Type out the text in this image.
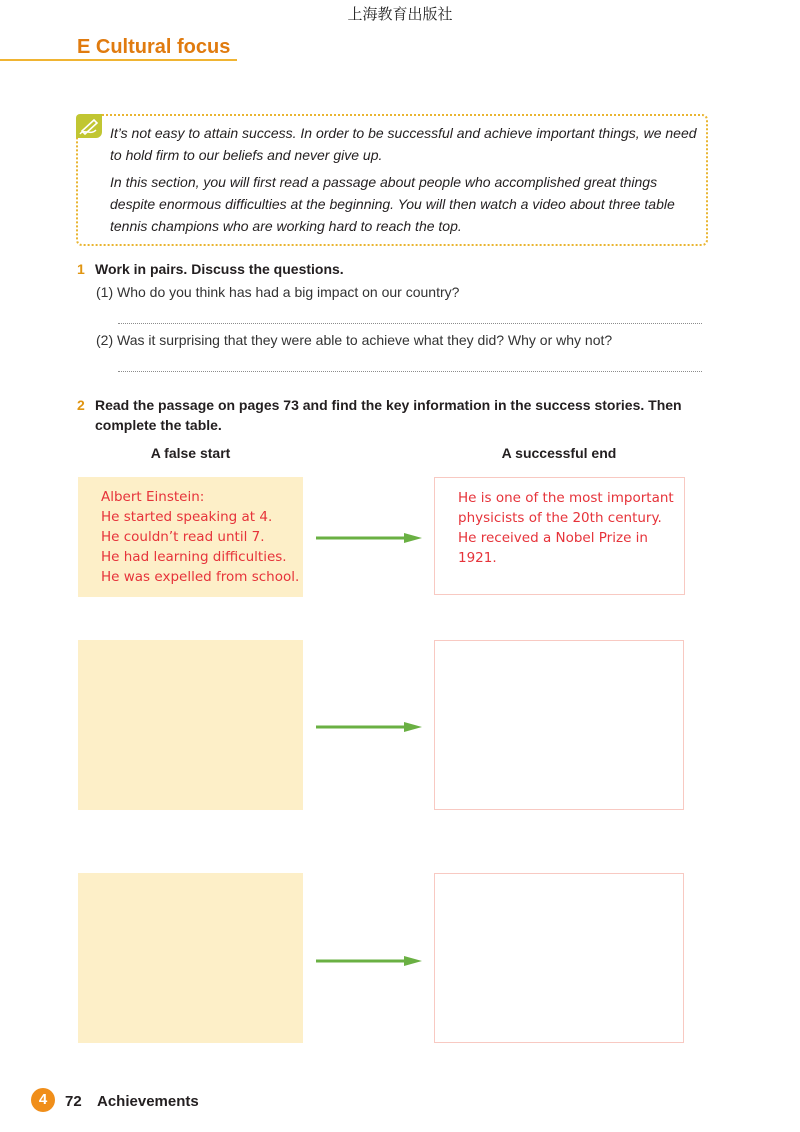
上海教育出版社
E Cultural focus
It’s not easy to attain success. In order to be successful and achieve important things, we need to hold firm to our beliefs and never give up.
In this section, you will first read a passage about people who accomplished great things despite enormous difficulties at the beginning. You will then watch a video about three table tennis champions who are working hard to reach the top.
1 Work in pairs. Discuss the questions.
(1) Who do you think has had a big impact on our country?
(2) Was it surprising that they were able to achieve what they did? Why or why not?
2 Read the passage on pages 73 and find the key information in the success stories. Then complete the table.
A false start	A successful end
Albert Einstein:
He started speaking at 4.
He couldn’t read until 7.
He had learning difficulties.
He was expelled from school.
He is one of the most important
physicists of the 20th century.
He received a Nobel Prize in
1921.
4	72 Achievements
